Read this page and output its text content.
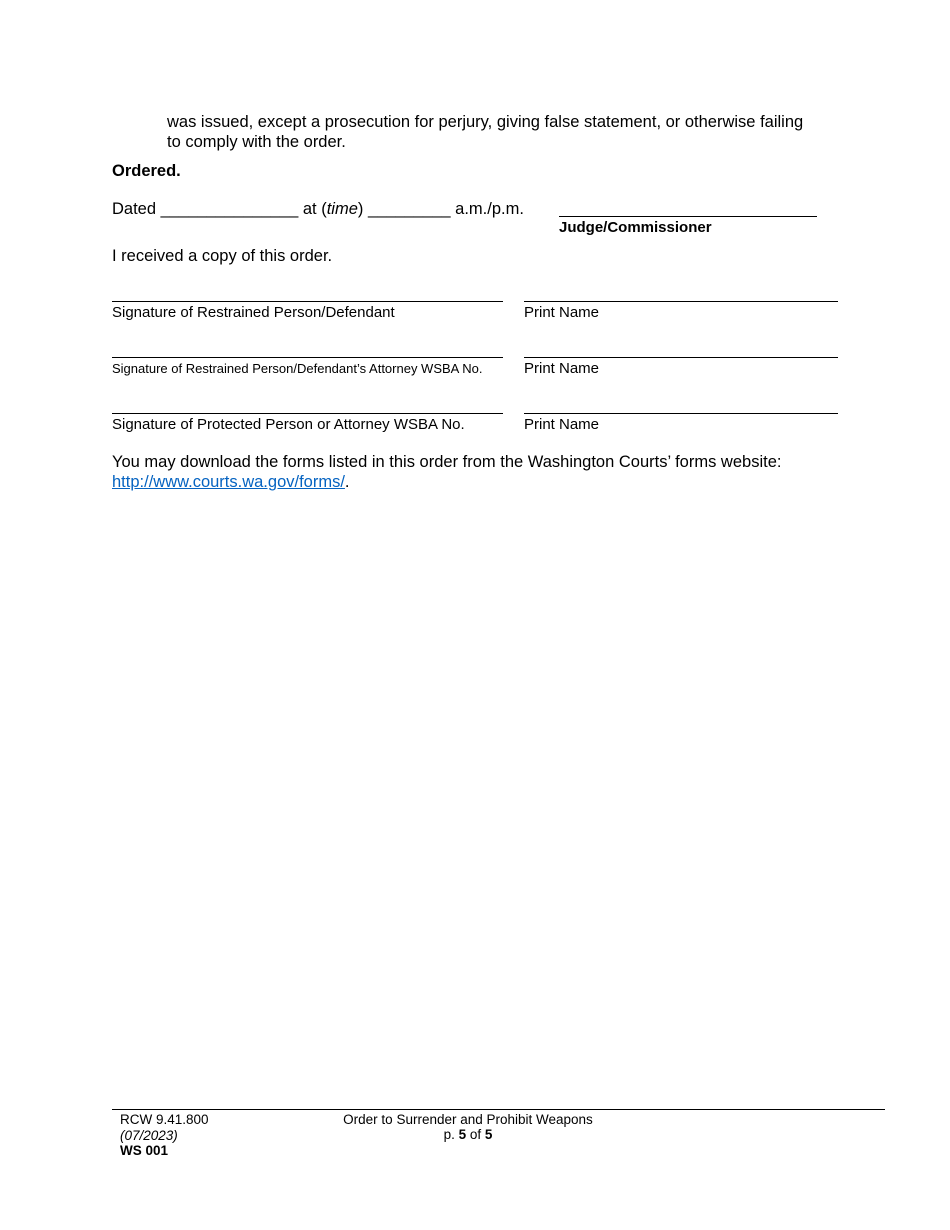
was issued, except a prosecution for perjury, giving false statement, or otherwise failing
to comply with the order.
Ordered.
Dated _______________ at (time) _________ a.m./p.m.
Judge/Commissioner
I received a copy of this order.
Signature of Restrained Person/Defendant	Print Name
Signature of Restrained Person/Defendant’s Attorney WSBA No.	Print Name
Signature of Protected Person or Attorney WSBA No.	Print Name
You may download the forms listed in this order from the Washington Courts’ forms website:
http://www.courts.wa.gov/forms/.
RCW 9.41.800
(07/2023)
WS 001
Order to Surrender and Prohibit Weapons
p. 5 of 5
